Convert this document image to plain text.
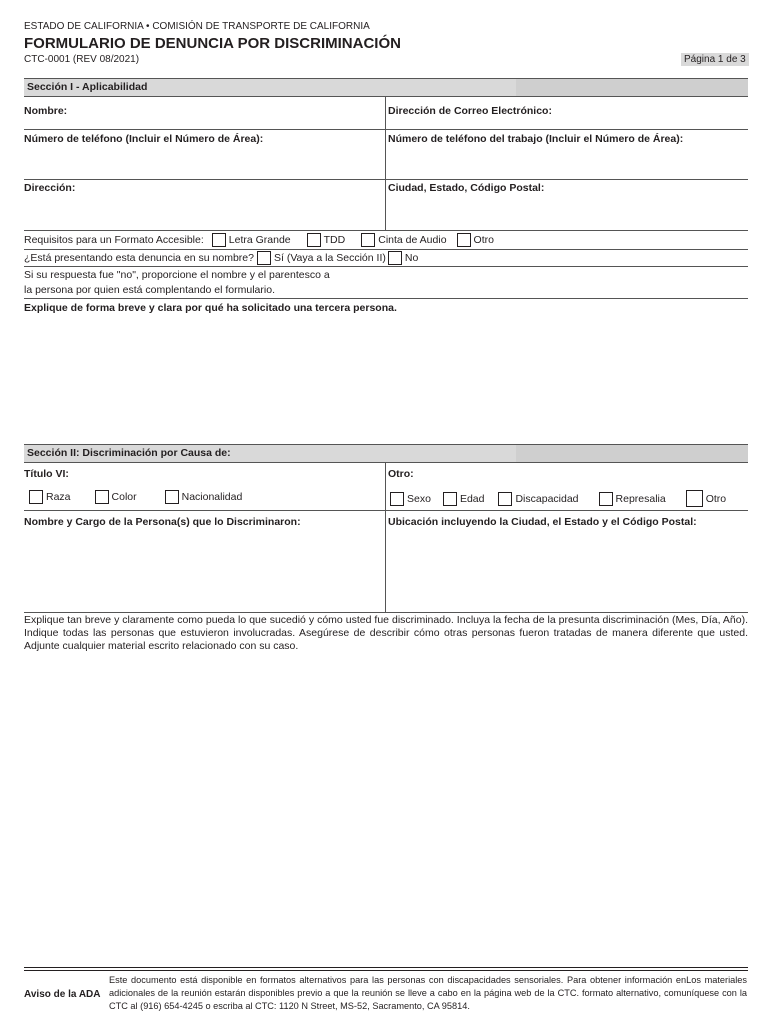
ESTADO DE CALIFORNIA • COMISIÓN DE TRANSPORTE DE CALIFORNIA
FORMULARIO DE DENUNCIA POR DISCRIMINACIÓN
CTC-0001 (REV 08/2021)	Página 1 de 3
Sección I - Aplicabilidad
Nombre:	Dirección de Correo Electrónico:
Número de teléfono (Incluir el Número de Área):	Número de teléfono del trabajo (Incluir el Número de Área):
Dirección:	Ciudad, Estado, Código Postal:
Requisitos para un Formato Accesible: Letra Grande	TDD	Cinta de Audio	Otro
¿Está presentando esta denuncia en su nombre? Sí (Vaya a la Sección II) No
Si su respuesta fue "no", proporcione el nombre y el parentesco a
la persona por quien está complentando el formulario.
Explique de forma breve y clara por qué ha solicitado una tercera persona.
Sección II: Discriminación por Causa de:
Título VI:	Otro:
Raza	Color	Nacionalidad	Sexo	Edad	Discapacidad	Represalia	Otro
Nombre y Cargo de la Persona(s) que lo Discriminaron:	Ubicación incluyendo la Ciudad, el Estado y el Código Postal:
Explique tan breve y claramente como pueda lo que sucedió y cómo usted fue discriminado. Incluya la fecha de la presunta discriminación (Mes, Día, Año). Indique todas las personas que estuvieron involucradas. Asegúrese de describir cómo otras personas fueron tratadas de manera diferente que usted. Adjunte cualquier material escrito relacionado con su caso.
Aviso de la ADA
Este documento está disponible en formatos alternativos para las personas con discapacidades sensoriales. Para obtener información enLos materiales adicionales de la reunión estarán disponibles previo a que la reunión se lleve a cabo en la página web de la CTC. formato alternativo, comuníquese con la CTC al (916) 654-4245 o escriba al CTC: 1120 N Street, MS-52, Sacramento, CA 95814.
